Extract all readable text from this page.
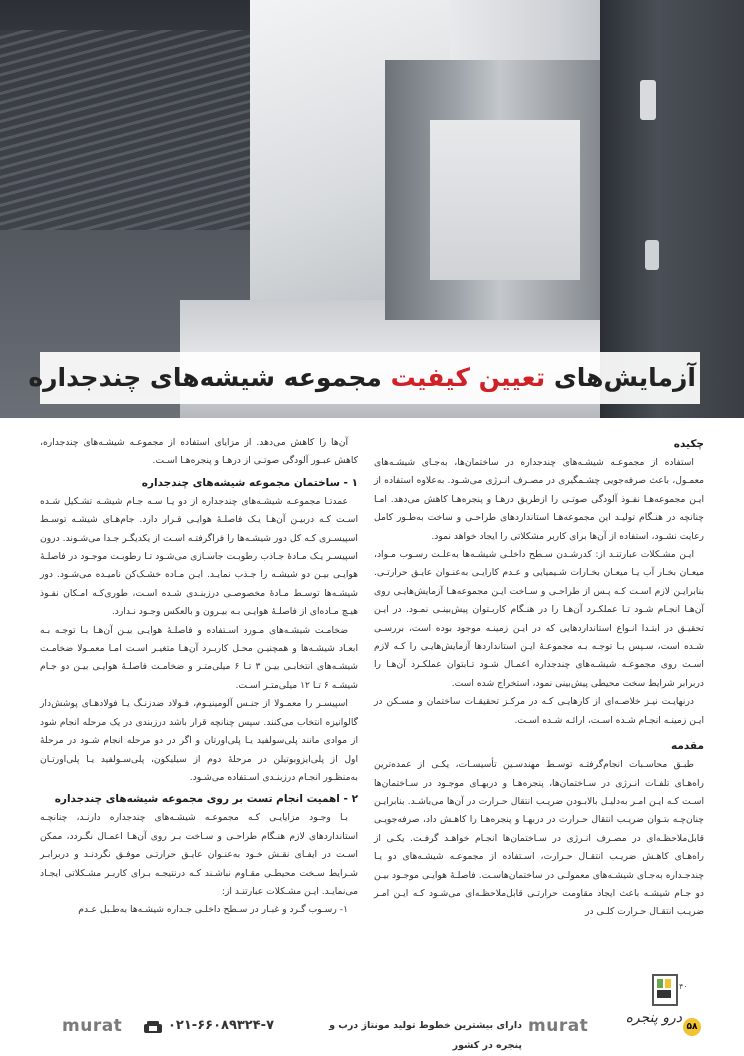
آزمایش‌های تعیین کیفیت مجموعه شیشه‌های چندجداره
چکیده

استفاده از مجموعـه شیشـه‌های چندجداره در ساختمان‌ها، به‌جـای شیشـه‌های معمـول، باعث صرفه‌جویی چشـمگیری در مصـرف انـرژی می‌شـود. به‌علاوه استفاده از ایـن مجموعه‌هـا نفـوذ آلودگی صوتـی را ازطریق درهـا و پنجره‌هـا کاهش می‌دهد. امـا چنانچه در هنـگام تولیـد این مجموعه‌هـا استانداردهای طراحـی و ساخت به‌طـور کامل رعایت نشـود، استفاده از آن‌ها برای کاربر مشکلاتی را ایجاد خواهد نمود.

ایـن مشـکلات عبارتنـد از: کدرشـدن سـطح داخلـی شیشـه‌ها به‌علـت رسـوب مـواد، میعـان بخـار آب یـا میعـان بخـارات شـیمیایی و عـدم کارایـی به‌عنـوان عایـق حرارتـی. بنابرایـن لازم اسـت کـه پـس از طراحـی و سـاخت ایـن مجموعه‌هـا آزمایش‌هایـی روی آن‌هـا انجـام شـود تـا عملکـرد آن‌هـا را در هنـگام کاربـتوان پیش‌بینـی نمـود. در ایـن تحقیـق در ابتـدا انـواع استانداردهایی که در ایـن زمینـه موجود بوده است، بررسـی شـده است، سـپس بـا توجـه بـه مجموعـۀ ایـن استانداردها آزمایش‌هایـی را کـه لازم اسـت روی مجموعـه شیشـه‌های چندجداره اعمـال شـود تـابتوان عملکـرد آن‌هـا را دربرابر شرایط سخت محیطی پیش‌بینی نمود، استخراج شده است.

درنهایـت نیـز خلاصـه‌ای از کارهایـی کـه در مرکـز تحقیقـات ساختمان و مسـکن در ایـن زمینـه انجـام شـده اسـت، ارائـه شـده اسـت.

مقدمه

طبـق محاسـبات انجام‌گرفتـه توسـط مهندسـین تأسیسـات، یکـی از عمده‌ترین راه‌هـای تلفـات انـرژی در سـاختمان‌ها، پنجره‌هـا و دربهـای موجـود در سـاختمان‌ها اسـت کـه ایـن امـر به‌دلیـل بالابـودن ضریـب انتقال حـرارت در آن‌ها می‌باشـد. بنابرایـن چنان‌چـه بتـوان ضریـب انتقال حـرارت در دربهـا و پنجره‌هـا را کاهـش داد، صرفه‌جویـی قابل‌ملاحظـه‌ای در مصـرف انـرژی در سـاختمان‌ها انجـام خواهـد گرفـت. یکـی از راه‌هـای کاهـش ضریـب انتقـال حـرارت، اسـتفاده از مجموعـه شیشـه‌های دو یـا چندجـداره به‌جـای شیشـه‌های معمولـی در ساختمان‌هاسـت. فاصلـۀ هوایـی موجـود بیـن دو جـام شیشـه باعث ایجاد مقاومت حرارتـی قابل‌ملاحظـه‌ای می‌شـود کـه ایـن امـر ضریـب انتقـال حـرارت کلـی در

آن‌ها را کاهش می‌دهد. از مزایای استفاده از مجموعـه شیشـه‌های چندجداره، کاهش عبـور آلودگی صوتـی از درهـا و پنجره‌هـا اسـت.

۱ - ساختمان مجموعه شیشه‌های چندجداره

عمدتـا مجموعـه شیشـه‌های چندجداره از دو یـا سـه جـام شیشـه تشـکیل شـده اسـت کـه دربیـن آن‌هـا یـک فاصلـۀ هوایـی قـرار دارد. جام‌هـای شیشـه توسـط اسپیسـری کـه کل دور شیشـه‌ها را فراگرفتـه اسـت از یکدیگـر جـدا می‌شـوند. درون اسپیسـر یـک مـادۀ جـاذب رطوبـت جاسـازی می‌شـود تـا رطوبـت موجـود در فاصلـۀ هوایـی بیـن دو شیشـه را جـذب نمایـد. ایـن مـاده خشـک‌کن نامیـده می‌شـود. دور شیشـه‌ها توسـط مـادۀ مخصوصـی درزبنـدی شـده اسـت، طوری‌کـه امـکان نفـوذ هیـچ مـاده‌ای از فاصلـۀ هوایـی بـه بیـرون و بالعکس وجـود نـدارد.

ضخامـت شیشـه‌های مـورد اسـتفاده و فاصلـۀ هوایـی بیـن آن‌هـا بـا توجـه بـه ابعـاد شیشـه‌ها و همچنیـن محـل کاربـرد آن‌هـا متغیـر اسـت امـا معمـولا ضخامـت شیشـه‌های انتخابـی بیـن ۳ تـا ۶ میلی‌متـر و ضخامـت فاصلـۀ هوایـی بیـن دو جـام شیشـه ۶ تـا ۱۲ میلی‌متـر اسـت.

اسپیسـر را معمـولا از جنـس آلومینیـوم، فـولاد ضدزنـگ یـا فولادهـای پوشش‌دار گالوانیزه انتخاب می‌کنند. سپس چنانچه قرار باشد درزبندی در یک مرحله انجام شود از موادی مانند پلی‌سولفید یـا پلی‌اورتان و اگر در دو مرحله انجام شـود در مرحلۀ اول از پلی‌ایزوبوتیلن در مرحلۀ دوم از سیلیکون، پلی‌سـولفید یـا پلی‌اورتـان به‌منظـور انجـام درزبنـدی اسـتفاده می‌شـود.

۲ - اهمیت انجام تست بر روی مجموعه شیشه‌های چندجداره

بـا وجـود مزایایـی کـه مجموعـه شیشـه‌های چندجداره دارنـد، چنانچـه استانداردهای لازم هنـگام طراحـی و سـاخت بـر روی آن‌هـا اعمـال نگـردد، ممکن اسـت در ایفـای نقـش خـود به‌عنـوان عایـق حرارتـی موفـق نگردنـد و دربرابـر شـرایط سـخت محیطـی مقـاوم نباشـند کـه درنتیجـه بـرای کاربـر مشـکلاتی ایجـاد می‌نمایـد. ایـن مشـکلات عبارتنـد از:

۱- رسـوب گـرد و غبـار در سـطح داخلـی جـداره شیشـه‌ها به‌طـبل عـدم

murat	۰۲۱-۶۶۰۸۹۳۲۴-۷	دارای بیشترین خطوط تولید مونتاژ درب و پنجره در کشور
murat
۴۰
درو پنجره
۵۸
